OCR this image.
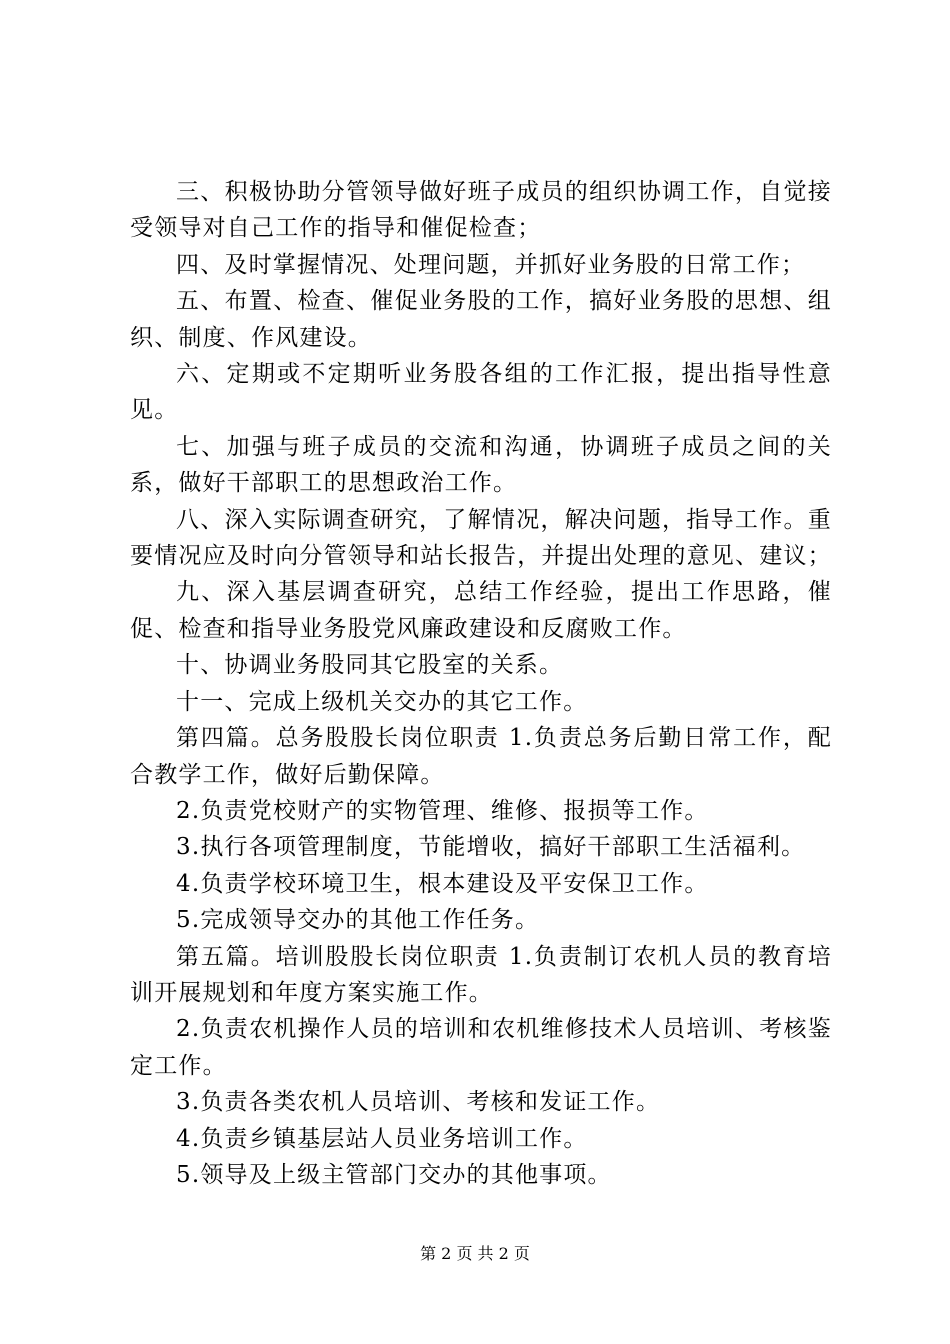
三、积极协助分管领导做好班子成员的组织协调工作，自觉接受领导对自己工作的指导和催促检查；

四、及时掌握情况、处理问题，并抓好业务股的日常工作；

五、布置、检查、催促业务股的工作，搞好业务股的思想、组织、制度、作风建设。

六、定期或不定期听业务股各组的工作汇报，提出指导性意见。

七、加强与班子成员的交流和沟通，协调班子成员之间的关系，做好干部职工的思想政治工作。

八、深入实际调查研究，了解情况，解决问题，指导工作。重要情况应及时向分管领导和站长报告，并提出处理的意见、建议；

九、深入基层调查研究，总结工作经验，提出工作思路，催促、检查和指导业务股党风廉政建设和反腐败工作。

十、协调业务股同其它股室的关系。

十一、完成上级机关交办的其它工作。

第四篇。总务股股长岗位职责 1.负责总务后勤日常工作，配合教学工作，做好后勤保障。

2.负责党校财产的实物管理、维修、报损等工作。

3.执行各项管理制度，节能增收，搞好干部职工生活福利。

4.负责学校环境卫生，根本建设及平安保卫工作。

5.完成领导交办的其他工作任务。

第五篇。培训股股长岗位职责 1.负责制订农机人员的教育培训开展规划和年度方案实施工作。

2.负责农机操作人员的培训和农机维修技术人员培训、考核鉴定工作。

3.负责各类农机人员培训、考核和发证工作。

4.负责乡镇基层站人员业务培训工作。

5.领导及上级主管部门交办的其他事项。

第 2 页 共 2 页
